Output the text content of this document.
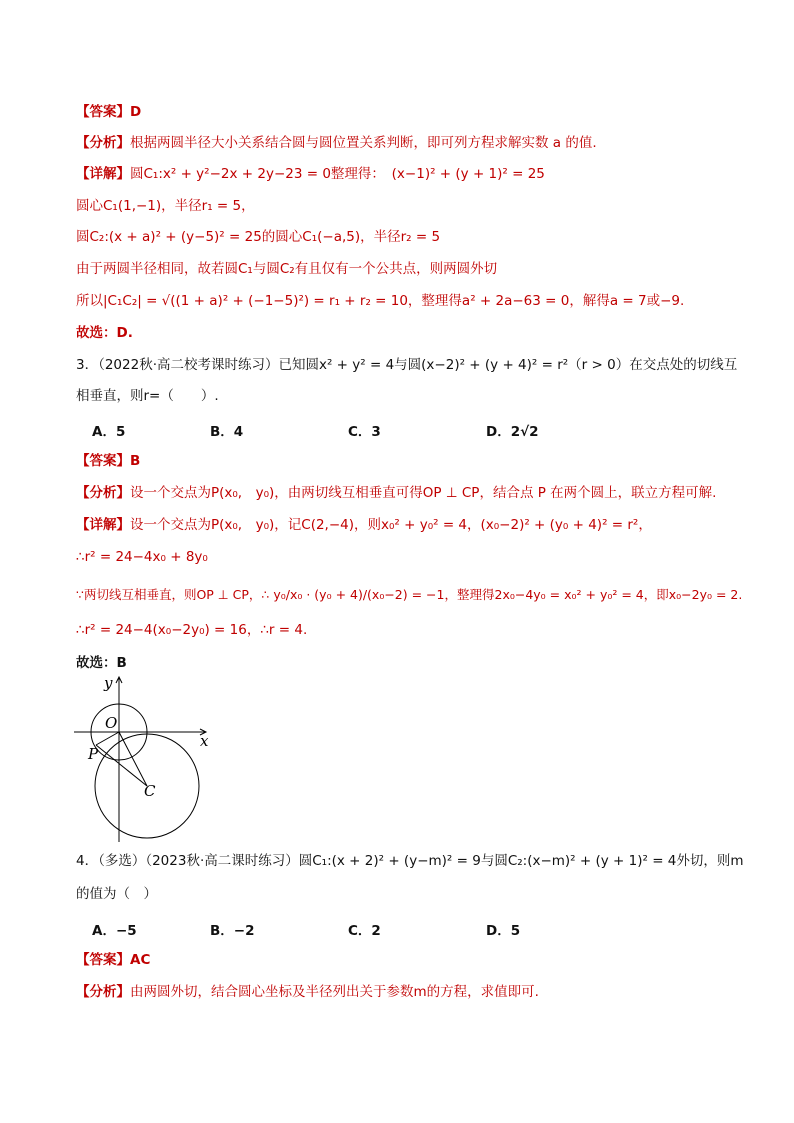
【答案】D
【分析】根据两圆半径大小关系结合圆与圆位置关系判断，即可列方程求解实数 a 的值.
【详解】圆C₁:x² + y²−2x + 2y−23 = 0整理得：　(x−1)² + (y + 1)² = 25
圆心C₁(1,−1)，半径r₁ = 5，
圆C₂:(x + a)² + (y−5)² = 25的圆心C₁(−a,5)，半径r₂ = 5
由于两圆半径相同，故若圆C₁与圆C₂有且仅有一个公共点，则两圆外切
所以|C₁C₂| = √((1 + a)² + (−1−5)²) = r₁ + r₂ = 10，整理得a² + 2a−63 = 0，解得a = 7或−9.
故选：D.
3．（2022秋·高二校考课时练习）已知圆x² + y² = 4与圆(x−2)² + (y + 4)² = r²（r > 0）在交点处的切线互
相垂直，则r=（　　）.
A．5	B．4	C．3	D．2√2
【答案】B
【分析】设一个交点为P(x₀,　y₀)，由两切线互相垂直可得OP ⊥ CP，结合点 P 在两个圆上，联立方程可解.
【详解】设一个交点为P(x₀,　y₀)，记C(2,−4)，则x₀² + y₀² = 4，(x₀−2)² + (y₀ + 4)² = r²，
∴r² = 24−4x₀ + 8y₀
∵两切线互相垂直，则OP ⊥ CP，∴ y₀/x₀ · (y₀ + 4)/(x₀−2) = −1，整理得2x₀−4y₀ = x₀² + y₀² = 4，即x₀−2y₀ = 2.
∴r² = 24−4(x₀−2y₀) = 16，∴r = 4.
故选：B
y
x
O
P
C
4．（多选）（2023秋·高二课时练习）圆C₁:(x + 2)² + (y−m)² = 9与圆C₂:(x−m)² + (y + 1)² = 4外切，则m
的值为（　）
A．−5	B．−2	C．2	D．5
【答案】AC
【分析】由两圆外切，结合圆心坐标及半径列出关于参数m的方程，求值即可.
